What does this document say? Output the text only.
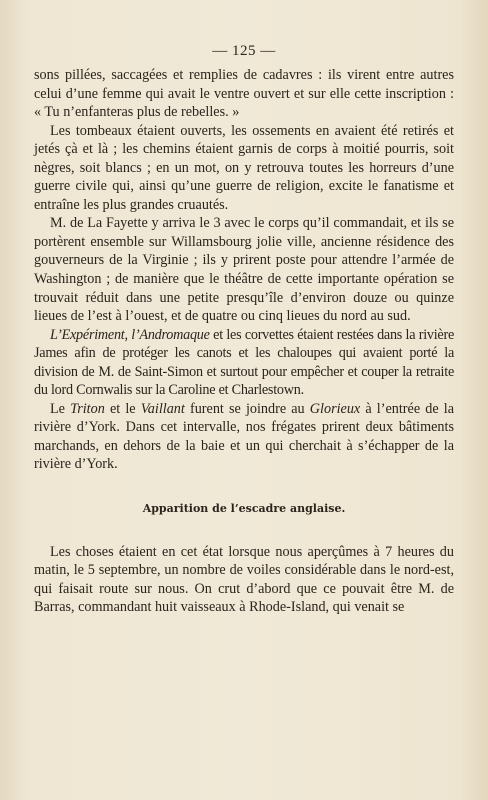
— 125 —

sons pillées, saccagées et remplies de cadavres : ils virent entre autres celui d’une femme qui avait le ventre ouvert et sur elle cette inscription : « Tu n’enfanteras plus de rebelles. »

Les tombeaux étaient ouverts, les ossements en avaient été retirés et jetés çà et là ; les chemins étaient garnis de corps à moitié pourris, soit nègres, soit blancs ; en un mot, on y retrouva toutes les horreurs d’une guerre civile qui, ainsi qu’une guerre de religion, excite le fanatisme et entraîne les plus grandes cruautés.

M. de La Fayette y arriva le 3 avec le corps qu’il commandait, et ils se portèrent ensemble sur Willamsbourg jolie ville, ancienne résidence des gouverneurs de la Virginie ; ils y prirent poste pour attendre l’armée de Washington ; de manière que le théâtre de cette importante opération se trouvait réduit dans une petite presqu’île d’environ douze ou quinze lieues de l’est à l’ouest, et de quatre ou cinq lieues du nord au sud.

L’Expériment, l’Andromaque et les corvettes étaient restées dans la rivière James afin de protéger les canots et les chaloupes qui avaient porté la division de M. de Saint-Simon et surtout pour empêcher et couper la retraite du lord Cornwalis sur la Caroline et Charlestown.

Le Triton et le Vaillant furent se joindre au Glorieux à l’entrée de la rivière d’York. Dans cet intervalle, nos frégates prirent deux bâtiments marchands, en dehors de la baie et un qui cherchait à s’échapper de la rivière d’York.

Apparition de l’escadre anglaise.

Les choses étaient en cet état lorsque nous aperçûmes à 7 heures du matin, le 5 septembre, un nombre de voiles considérable dans le nord-est, qui faisait route sur nous. On crut d’abord que ce pouvait être M. de Barras, commandant huit vaisseaux à Rhode-Island, qui venait se
